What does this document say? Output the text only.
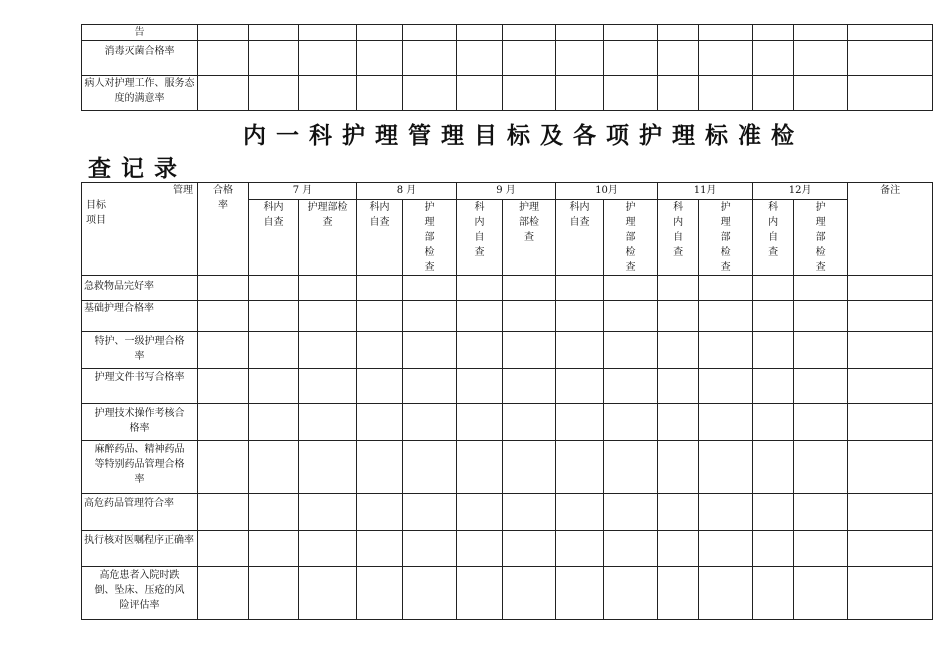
告														
消毒灭菌合格率														
病人对护理工作、服务态度的满意率														
内一科护理管理目标及各项护理标准检
查记录
管理
目标
项目	合格率	7 月		8 月		9 月		10月		11月		12月		备注
		科内自查	护理部检查	科内自查	护理部检查	科内自查	护理部检查	科内自查	护理部检查	科内自查	护理部检查	科内自查	护理部检查	
急救物品完好率														
基础护理合格率														
特护、一级护理合格率														
护理文件书写合格率														
护理技术操作考核合格率														
麻醉药品、精神药品等特别药品管理合格率														
高危药品管理符合率														
执行核对医嘱程序正确率														
高危患者入院时跌倒、坠床、压疮的风险评估率														
